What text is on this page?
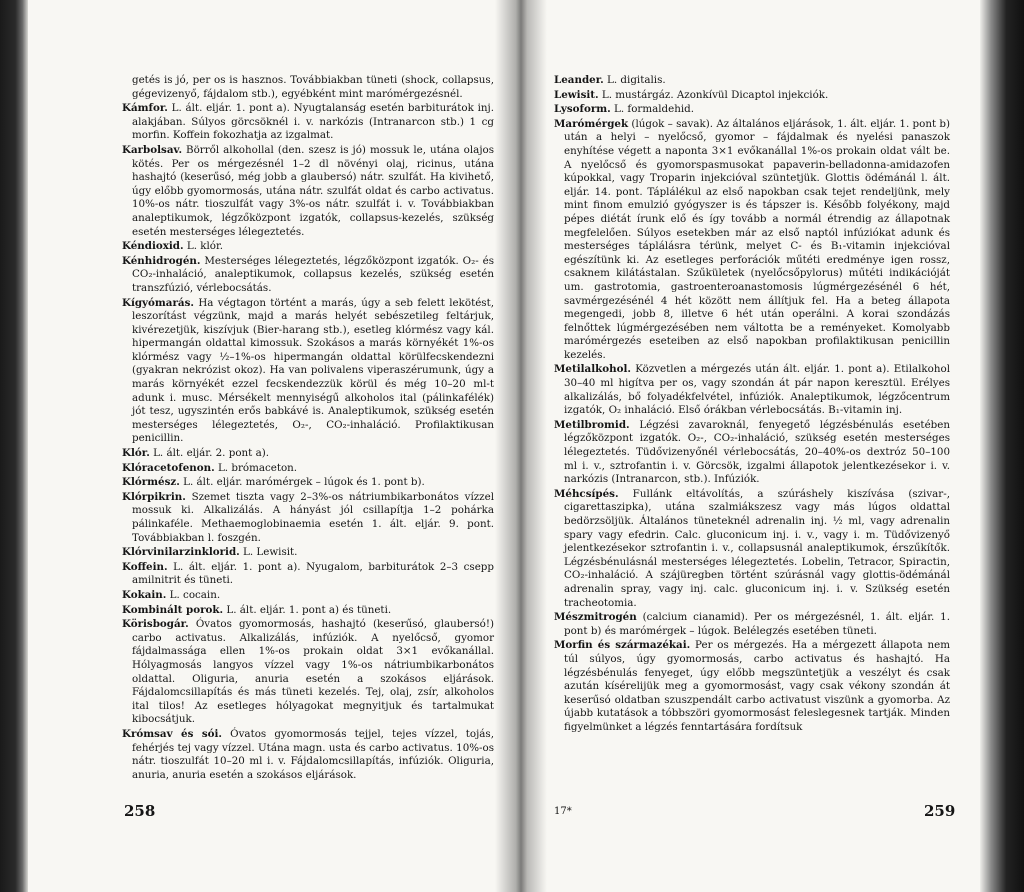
getés is jó, per os is hasznos. Továbbiakban tüneti (shock, collapsus, gégevizenyő, fájdalom stb.), egyébként mint marómérgezésnél.

Kámfor. L. ált. eljár. 1. pont a). Nyugtalanság esetén barbiturátok inj. alakjában. Súlyos görcsöknél i. v. narkózis (Intranarcon stb.) 1 cg morfin. Koffein fokozhatja az izgalmat.

Karbolsav. Börről alkohollal (den. szesz is jó) mossuk le, utána olajos kötés. Per os mérgezésnél 1–2 dl növényi olaj, ricinus, utána hashajtó (keserűsó, még jobb a glaubersó) nátr. szulfát. Ha kivihető, úgy előbb gyomormosás, utána nátr. szulfát oldat és carbo activatus. 10%-os nátr. tioszulfát vagy 3%-os nátr. szulfát i. v. Továbbiakban analeptikumok, légzőközpont izgatók, collapsus-kezelés, szükség esetén mesterséges lélegeztetés.

Kéndioxid. L. klór.

Kénhidrogén. Mesterséges lélegeztetés, légzőközpont izgatók. O₂- és CO₂-inhaláció, analeptikumok, collapsus kezelés, szükség esetén transzfúzió, vérlebocsátás.

Kígyómarás. Ha végtagon történt a marás, úgy a seb felett lekötést, leszorítást végzünk, majd a marás helyét sebészetileg feltárjuk, kivérezetjük, kiszívjuk (Bier-harang stb.), esetleg klórmész vagy kál. hipermangán oldattal kimossuk. Szokásos a marás környékét 1%-os klórmész vagy ½–1%-os hipermangán oldattal körülfecskendezni (gyakran nekrózist okoz). Ha van polivalens viperaszérumunk, úgy a marás környékét ezzel fecskendezzük körül és még 10–20 ml-t adunk i. musc. Mérsékelt mennyiségű alkoholos ital (pálinkafélék) jót tesz, ugyszintén erős babkávé is. Analeptikumok, szükség esetén mesterséges lélegeztetés, O₂-, CO₂-inhaláció. Profilaktikusan penicillin.

Klór. L. ált. eljár. 2. pont a).

Klóracetofenon. L. brómaceton.

Klórmész. L. ált. eljár. marómérgek – lúgok és 1. pont b).

Klórpikrin. Szemet tiszta vagy 2–3%-os nátriumbikarbonátos vízzel mossuk ki. Alkalizálás. A hányást jól csillapítja 1–2 pohárka pálinkaféle. Methaemoglobinaemia esetén 1. ált. eljár. 9. pont. Továbbiakban l. foszgén.

Klórvinilarzinklorid. L. Lewisit.

Koffein. L. ált. eljár. 1. pont a). Nyugalom, barbiturátok 2–3 csepp amilnitrit és tüneti.

Kokain. L. cocain.

Kombinált porok. L. ált. eljár. 1. pont a) és tüneti.

Körisbogár. Óvatos gyomormosás, hashajtó (keserűsó, glaubersó!) carbo activatus. Alkalizálás, infúziók. A nyelőcső, gyomor fájdalmassága ellen 1%-os prokain oldat 3×1 evőkanállal. Hólyagmosás langyos vízzel vagy 1%-os nátriumbikarbonátos oldattal. Oliguria, anuria esetén a szokásos eljárások. Fájdalomcsillapítás és más tüneti kezelés. Tej, olaj, zsír, alkoholos ital tilos! Az esetleges hólyagokat megnyitjuk és tartalmukat kibocsátjuk.

Krómsav és sói. Óvatos gyomormosás tejjel, tejes vízzel, tojás, fehérjés tej vagy vízzel. Utána magn. usta és carbo activatus. 10%-os nátr. tioszulfát 10–20 ml i. v. Fájdalomcsillapítás, infúziók. Oliguria, anuria, anuria esetén a szokásos eljárások.

258

Leander. L. digitalis.

Lewisit. L. mustárgáz. Azonkívül Dicaptol injekciók.

Lysoform. L. formaldehid.

Marómérgek (lúgok – savak). Az általános eljárások, 1. ált. eljár. 1. pont b) után a helyi – nyelőcső, gyomor – fájdalmak és nyelési panaszok enyhítése végett a naponta 3×1 evőkanállal 1%-os prokain oldat vált be. A nyelőcső és gyomorspasmusokat papaverin-belladonna-amidazofen kúpokkal, vagy Troparin injekcióval szüntetjük. Glottis ödémánál l. ált. eljár. 14. pont. Táplálékul az első napokban csak tejet rendeljünk, mely mint finom emulzió gyógyszer is és tápszer is. Később folyékony, majd pépes diétát írunk elő és így tovább a normál étrendig az állapotnak megfelelően. Súlyos esetekben már az első naptól infúziókat adunk és mesterséges táplálásra térünk, melyet C- és B₁-vitamin injekcióval egészítünk ki. Az esetleges perforációk műtéti eredménye igen rossz, csaknem kilátástalan. Szűkületek (nyelőcsőpylorus) műtéti indikációját um. gastrotomia, gastroenteroanastomosis lúgmérgezésénél 6 hét, savmérgezésénél 4 hét között nem állítjuk fel. Ha a beteg állapota megengedi, jobb 8, illetve 6 hét után operálni. A korai szondázás felnőttek lúgmérgezésében nem váltotta be a reményeket. Komolyabb marómérgezés eseteiben az első napokban profilaktikusan penicillin kezelés.

Metilalkohol. Közvetlen a mérgezés után ált. eljár. 1. pont a). Etilalkohol 30–40 ml higítva per os, vagy szondán át pár napon keresztül. Erélyes alkalizálás, bő folyadékfelvétel, infúziók. Analeptikumok, légzőcentrum izgatók, O₂ inhaláció. Első órákban vérlebocsátás. B₁-vitamin inj.

Metilbromid. Légzési zavaroknál, fenyegető légzésbénulás esetében légzőközpont izgatók. O₂-, CO₂-inhaláció, szükség esetén mesterséges lélegeztetés. Tüdővizenyőnél vérlebocsátás, 20–40%-os dextróz 50–100 ml i. v., sztrofantin i. v. Görcsök, izgalmi állapotok jelentkezésekor i. v. narkózis (Intranarcon, stb.). Infúziók.

Méhcsípés. Fullánk eltávolítás, a szúráshely kiszívása (szivar-, cigarettaszipka), utána szalmiákszesz vagy más lúgos oldattal bedörzsöljük. Általános tüneteknél adrenalin inj. ½ ml, vagy adrenalin spary vagy efedrin. Calc. gluconicum inj. i. v., vagy i. m. Tüdővizenyő jelentkezésekor sztrofantin i. v., collapsusnál analeptikumok, érszűkítők. Légzésbénulásnál mesterséges lélegeztetés. Lobelin, Tetracor, Spiractin, CO₂-inhaláció. A szájüregben történt szúrásnál vagy glottis-ödémánál adrenalin spray, vagy inj. calc. gluconicum inj. i. v. Szükség esetén tracheotomia.

Mészmitrogén (calcium cianamid). Per os mérgezésnél, 1. ált. eljár. 1. pont b) és marómérgek – lúgok. Belélegzés esetében tüneti.

Morfin és származékai. Per os mérgezés. Ha a mérgezett állapota nem túl súlyos, úgy gyomormosás, carbo activatus és hashajtó. Ha légzésbénulás fenyeget, úgy előbb megszüntetjük a veszélyt és csak azután kísérelijük meg a gyomormosást, vagy csak vékony szondán át keserűsó oldatban szuszpendált carbo activatust viszünk a gyomorba. Az újabb kutatások a tóbbszöri gyomormosást feleslegesnek tartják. Minden figyelmünket a légzés fenntartására fordítsuk

17*	259
